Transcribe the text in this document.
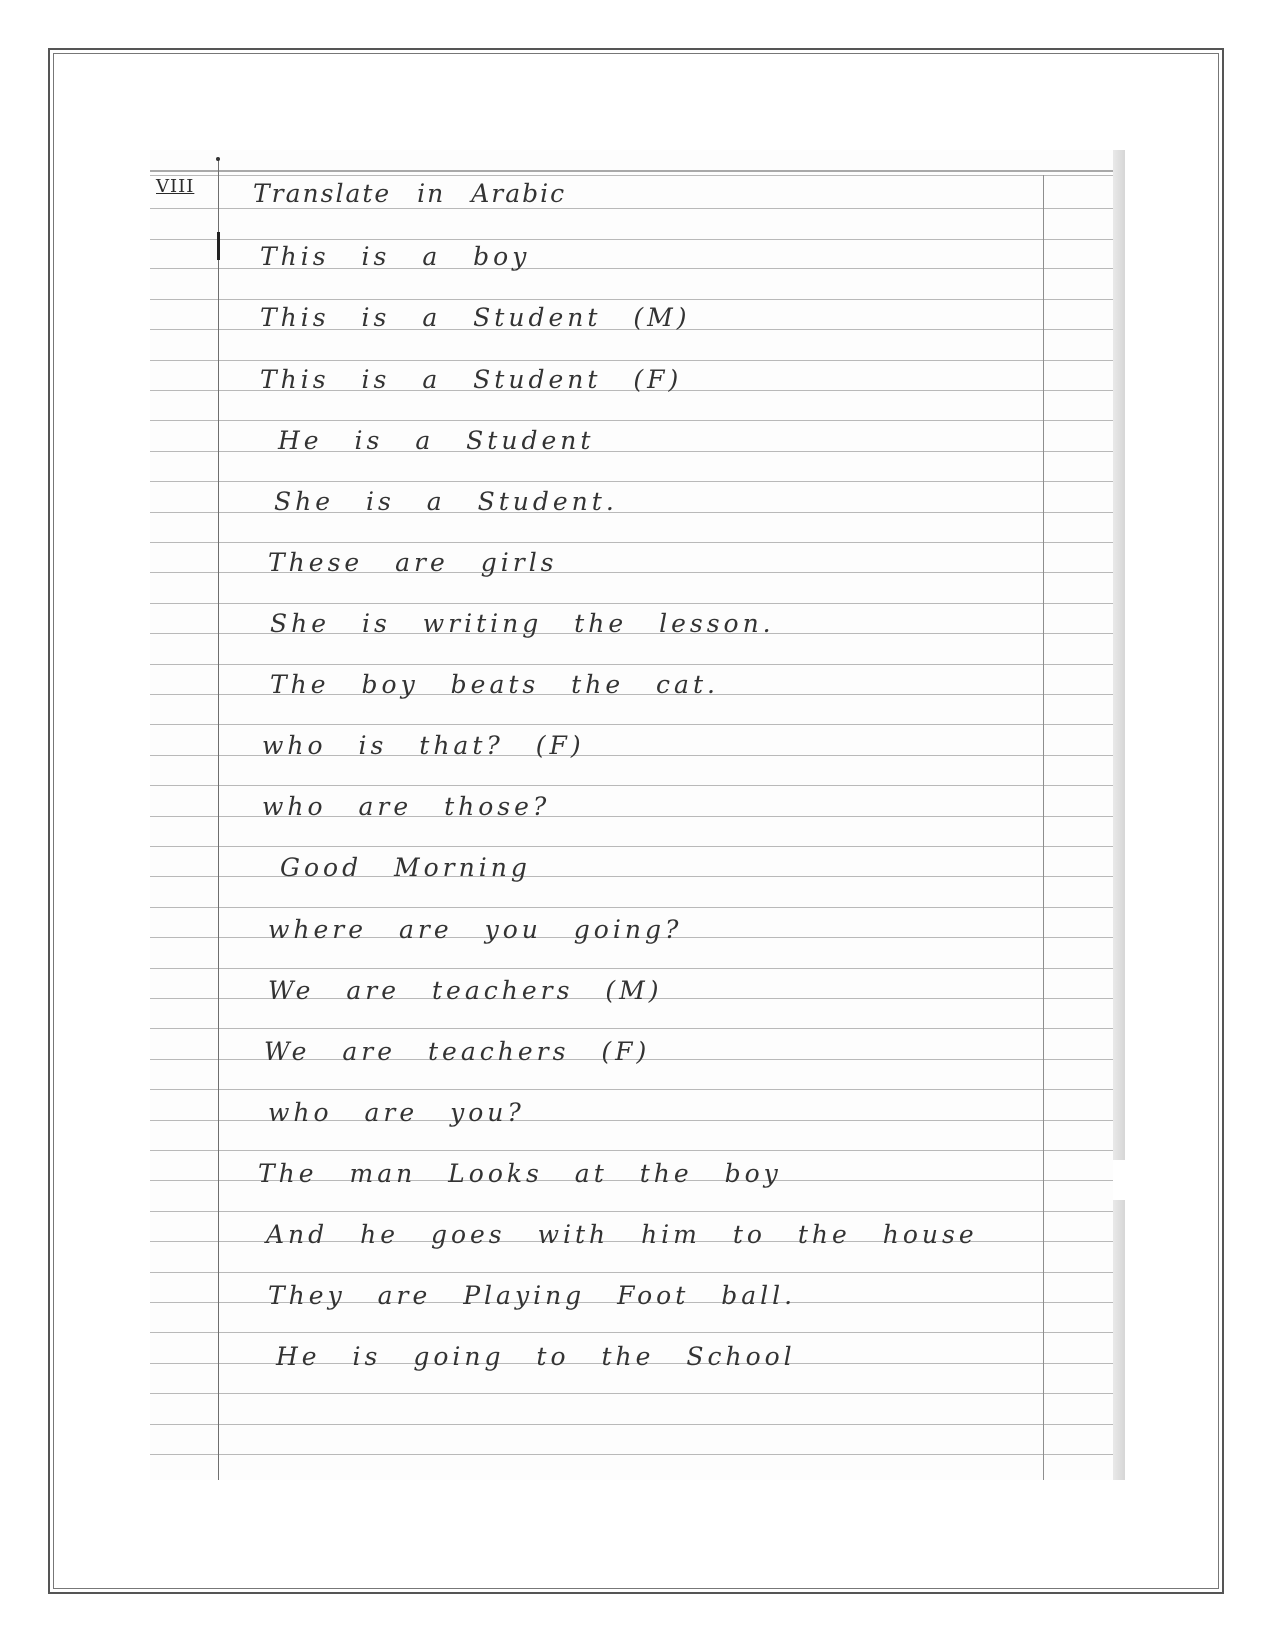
VIII Translate in Arabic
This is a boy
This is a Student (M)
This is a Student (F)
He is a Student
She is a Student.
These are girls
She is writing the lesson.
The boy beats the cat.
who is that? (F)
who are those?
Good Morning
where are you going?
We are teachers (M)
We are teachers (F)
who are you?
The man Looks at the boy
And he goes with him to the house
They are Playing Foot ball.
He is going to the School
